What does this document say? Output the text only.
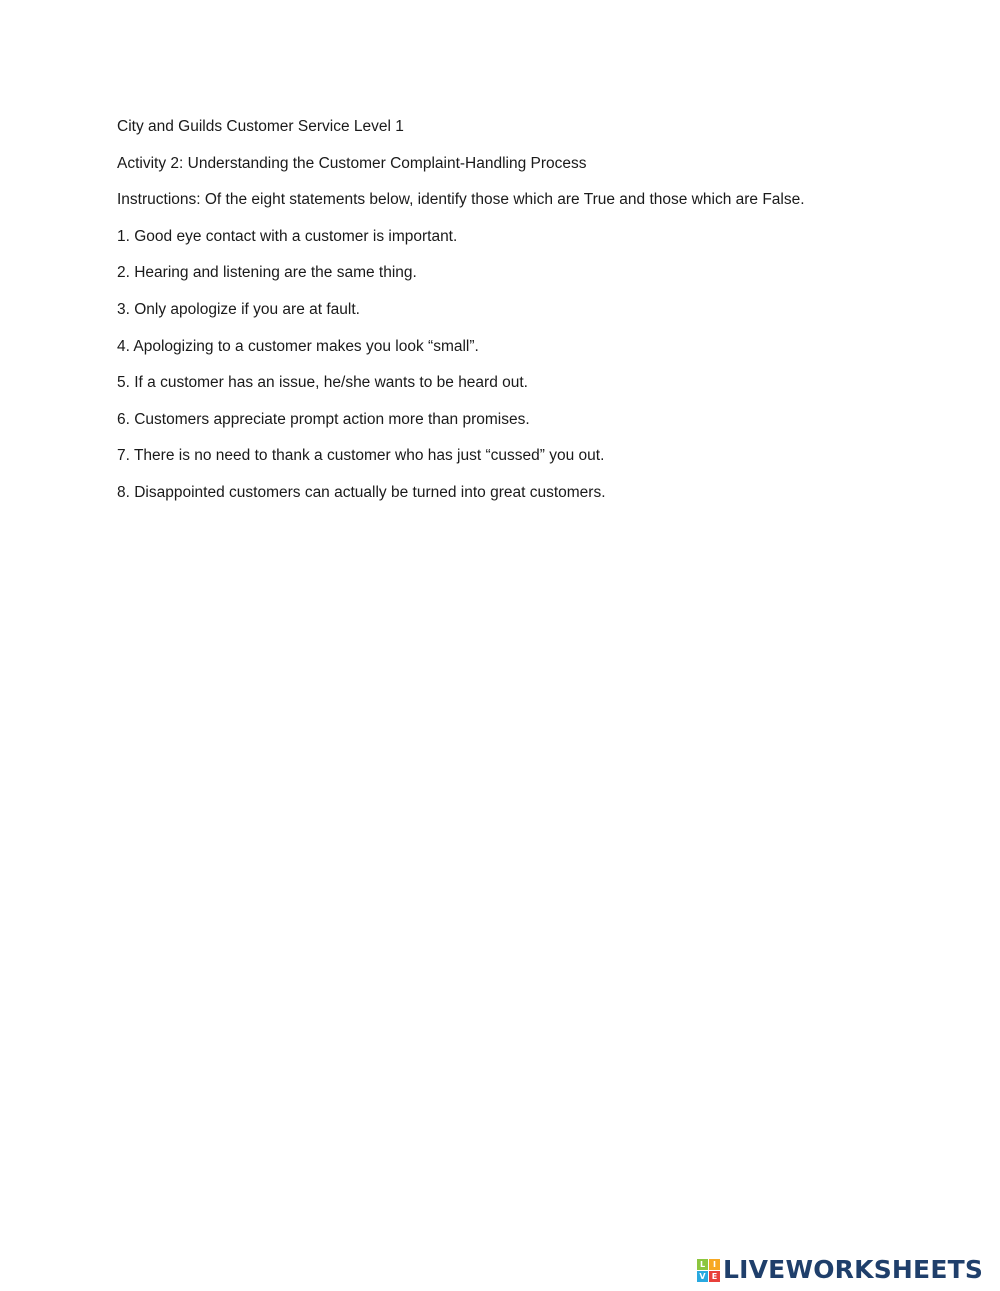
City and Guilds Customer Service Level 1
Activity 2: Understanding the Customer Complaint-Handling Process
Instructions: Of the eight statements below, identify those which are True and those which are False.
1. Good eye contact with a customer is important.
2. Hearing and listening are the same thing.
3. Only apologize if you are at fault.
4. Apologizing to a customer makes you look “small”.
5. If a customer has an issue, he/she wants to be heard out.
6. Customers appreciate prompt action more than promises.
7. There is no need to thank a customer who has just “cussed” you out.
8. Disappointed customers can actually be turned into great customers.
L I
V E LIVEWORKSHEETS
